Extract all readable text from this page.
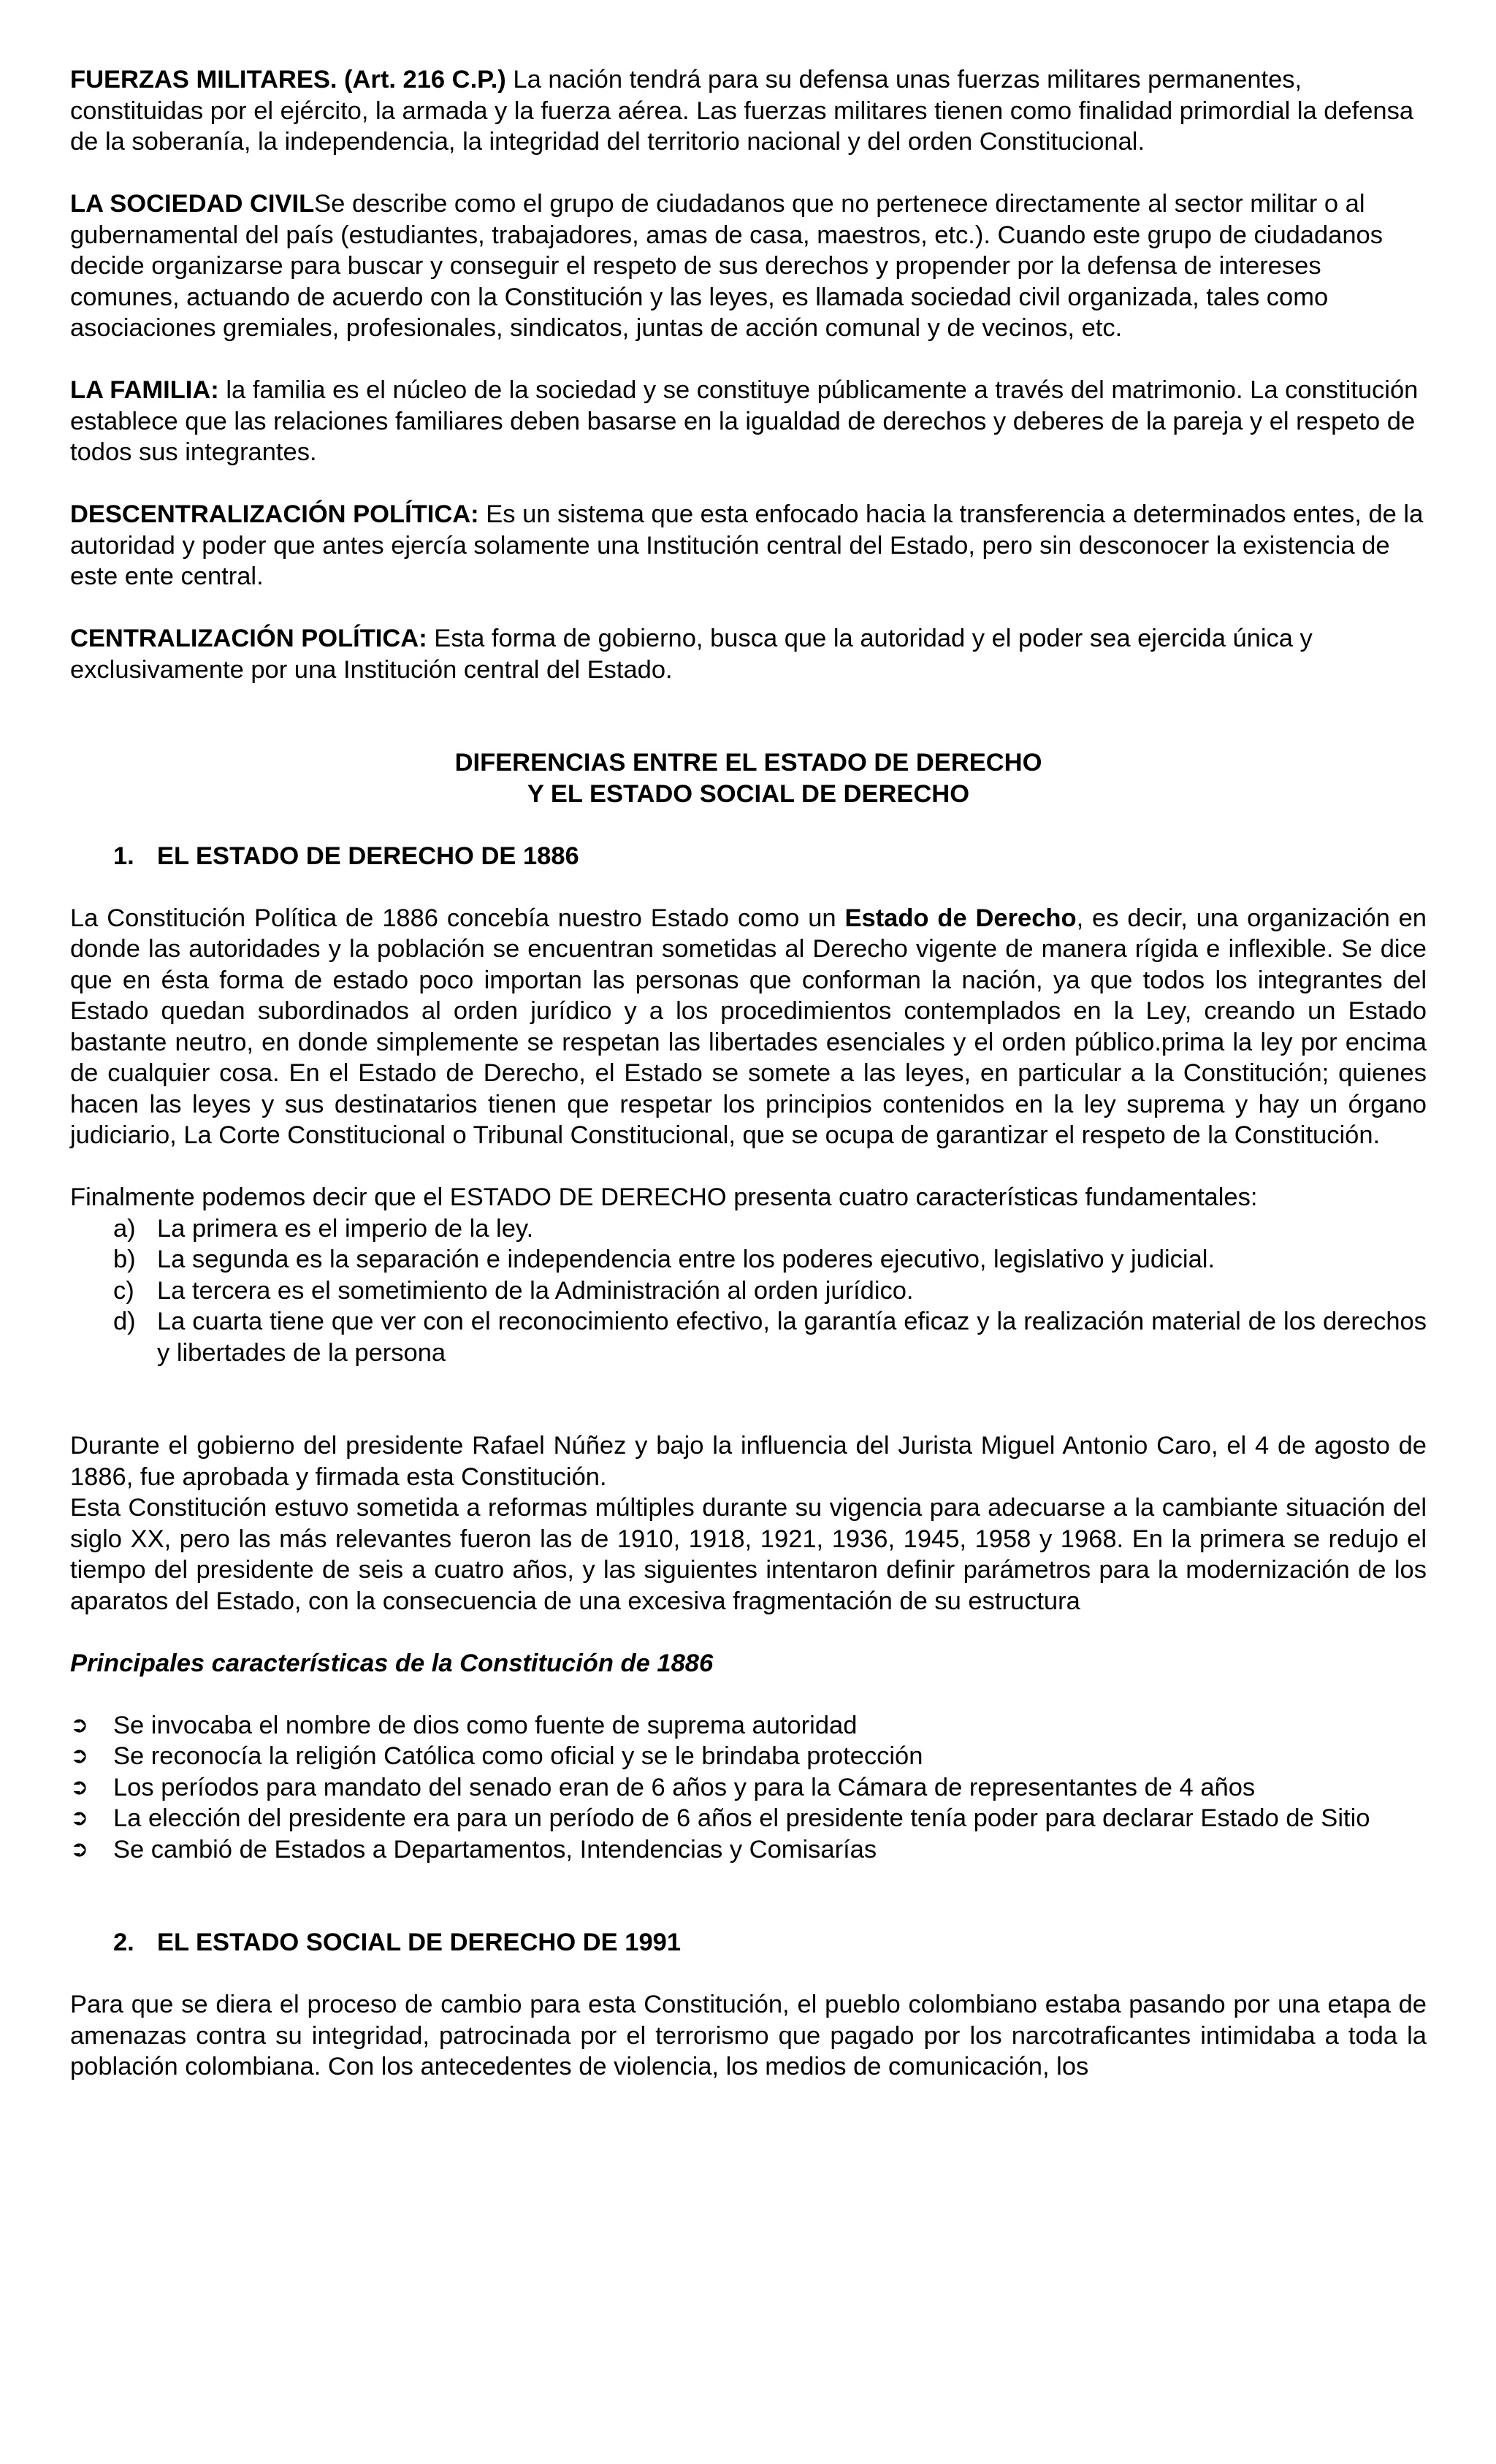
FUERZAS MILITARES. (Art. 216 C.P.) La nación tendrá para su defensa unas fuerzas militares permanentes, constituidas por el ejército, la armada y la fuerza aérea. Las fuerzas militares tienen como finalidad primordial la defensa de la soberanía, la independencia, la integridad del territorio nacional y del orden Constitucional.

LA SOCIEDAD CIVILSe describe como el grupo de ciudadanos que no pertenece directamente al sector militar o al gubernamental del país (estudiantes, trabajadores, amas de casa, maestros, etc.). Cuando este grupo de ciudadanos decide organizarse para buscar y conseguir el respeto de sus derechos y propender por la defensa de intereses comunes, actuando de acuerdo con la Constitución y las leyes, es llamada sociedad civil organizada, tales como asociaciones gremiales, profesionales, sindicatos, juntas de acción comunal y de vecinos, etc.

LA FAMILIA: la familia es el núcleo de la sociedad y se constituye públicamente a través del matrimonio. La constitución establece que las relaciones familiares deben basarse en la igualdad de derechos y deberes de la pareja y el respeto de todos sus integrantes.

DESCENTRALIZACIÓN POLÍTICA: Es un sistema que esta enfocado hacia la transferencia a determinados entes, de la autoridad y poder que antes ejercía solamente una Institución central del Estado, pero sin desconocer la existencia de este ente central.

CENTRALIZACIÓN POLÍTICA: Esta forma de gobierno, busca que la autoridad y el poder sea ejercida única y exclusivamente por una Institución central del Estado.

DIFERENCIAS ENTRE EL ESTADO DE DERECHO

Y EL ESTADO SOCIAL DE DERECHO

1. EL ESTADO DE DERECHO DE 1886

La Constitución Política de 1886 concebía nuestro Estado como un Estado de Derecho, es decir, una organización en donde las autoridades y la población se encuentran sometidas al Derecho vigente de manera rígida e inflexible. Se dice que en ésta forma de estado poco importan las personas que conforman la nación, ya que todos los integrantes del Estado quedan subordinados al orden jurídico y a los procedimientos contemplados en la Ley, creando un Estado bastante neutro, en donde simplemente se respetan las libertades esenciales y el orden público.prima la ley por encima de cualquier cosa. En el Estado de Derecho, el Estado se somete a las leyes, en particular a la Constitución; quienes hacen las leyes y sus destinatarios tienen que respetar los principios contenidos en la ley suprema y hay un órgano judiciario, La Corte Constitucional o Tribunal Constitucional, que se ocupa de garantizar el respeto de la Constitución.

Finalmente podemos decir que el ESTADO DE DERECHO presenta cuatro características fundamentales:

a) La primera es el imperio de la ley.
b) La segunda es la separación e independencia entre los poderes ejecutivo, legislativo y judicial.
c) La tercera es el sometimiento de la Administración al orden jurídico.
d) La cuarta tiene que ver con el reconocimiento efectivo, la garantía eficaz y la realización material de los derechos y libertades de la persona

Durante el gobierno del presidente Rafael Núñez y bajo la influencia del Jurista Miguel Antonio Caro, el 4 de agosto de 1886, fue aprobada y firmada esta Constitución.

Esta Constitución estuvo sometida a reformas múltiples durante su vigencia para adecuarse a la cambiante situación del siglo XX, pero las más relevantes fueron las de 1910, 1918, 1921, 1936, 1945, 1958 y 1968. En la primera se redujo el tiempo del presidente de seis a cuatro años, y las siguientes intentaron definir parámetros para la modernización de los aparatos del Estado, con la consecuencia de una excesiva fragmentación de su estructura

Principales características de la Constitución de 1886

➲ Se invocaba el nombre de dios como fuente de suprema autoridad
➲ Se reconocía la religión Católica como oficial y se le brindaba protección
➲ Los períodos para mandato del senado eran de 6 años y para la Cámara de representantes de 4 años
➲ La elección del presidente era para un período de 6 años el presidente tenía poder para declarar Estado de Sitio
➲ Se cambió de Estados a Departamentos, Intendencias y Comisarías
2. EL ESTADO SOCIAL DE DERECHO DE 1991

Para que se diera el proceso de cambio para esta Constitución, el pueblo colombiano estaba pasando por una etapa de amenazas contra su integridad, patrocinada por el terrorismo que pagado por los narcotraficantes intimidaba a toda la población colombiana. Con los antecedentes de violencia, los medios de comunicación, los
